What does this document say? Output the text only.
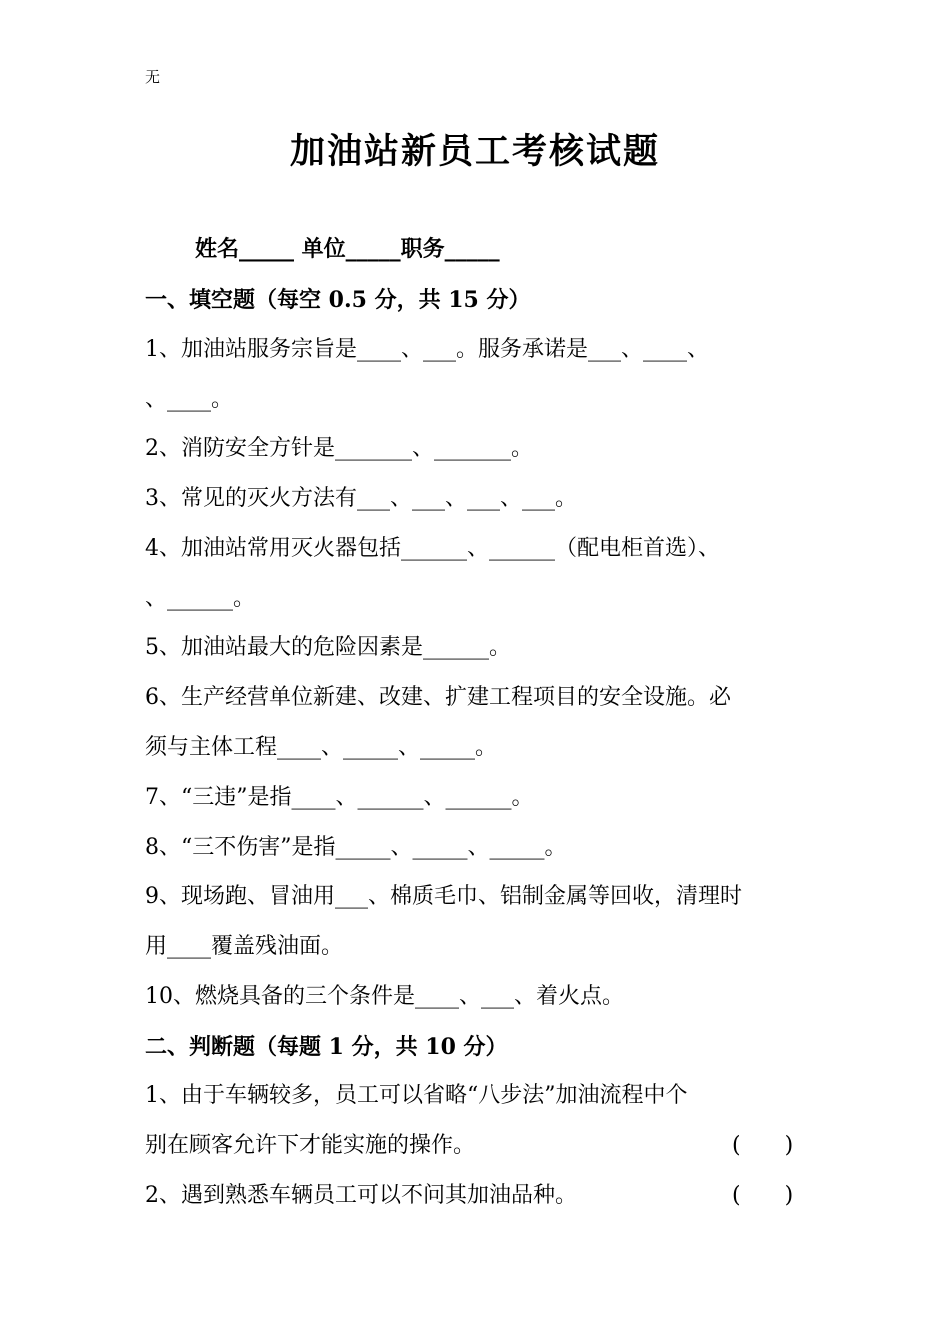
无
加油站新员工考核试题
姓名_____ 单位_____职务_____
一、填空题（每空 0.5 分，共 15 分）
1、加油站服务宗旨是____、___。服务承诺是___、____、
、____。
2、消防安全方针是_______、_______。
3、常见的灭火方法有___、___、___、___。
4、加油站常用灭火器包括______、______（配电柜首选）、
、______。
5、加油站最大的危险因素是______。
6、生产经营单位新建、改建、扩建工程项目的安全设施。必
须与主体工程____、_____、_____。
7、“三违”是指____、______、______。
8、“三不伤害”是指_____、_____、_____。
9、现场跑、冒油用___、棉质毛巾、铝制金属等回收，清理时
用____覆盖残油面。
10、燃烧具备的三个条件是____、___、着火点。
二、判断题（每题 1 分，共 10 分）
1、由于车辆较多，员工可以省略“八步法”加油流程中个
别在顾客允许下才能实施的操作。	(　　)
2、遇到熟悉车辆员工可以不问其加油品种。	(　　)
